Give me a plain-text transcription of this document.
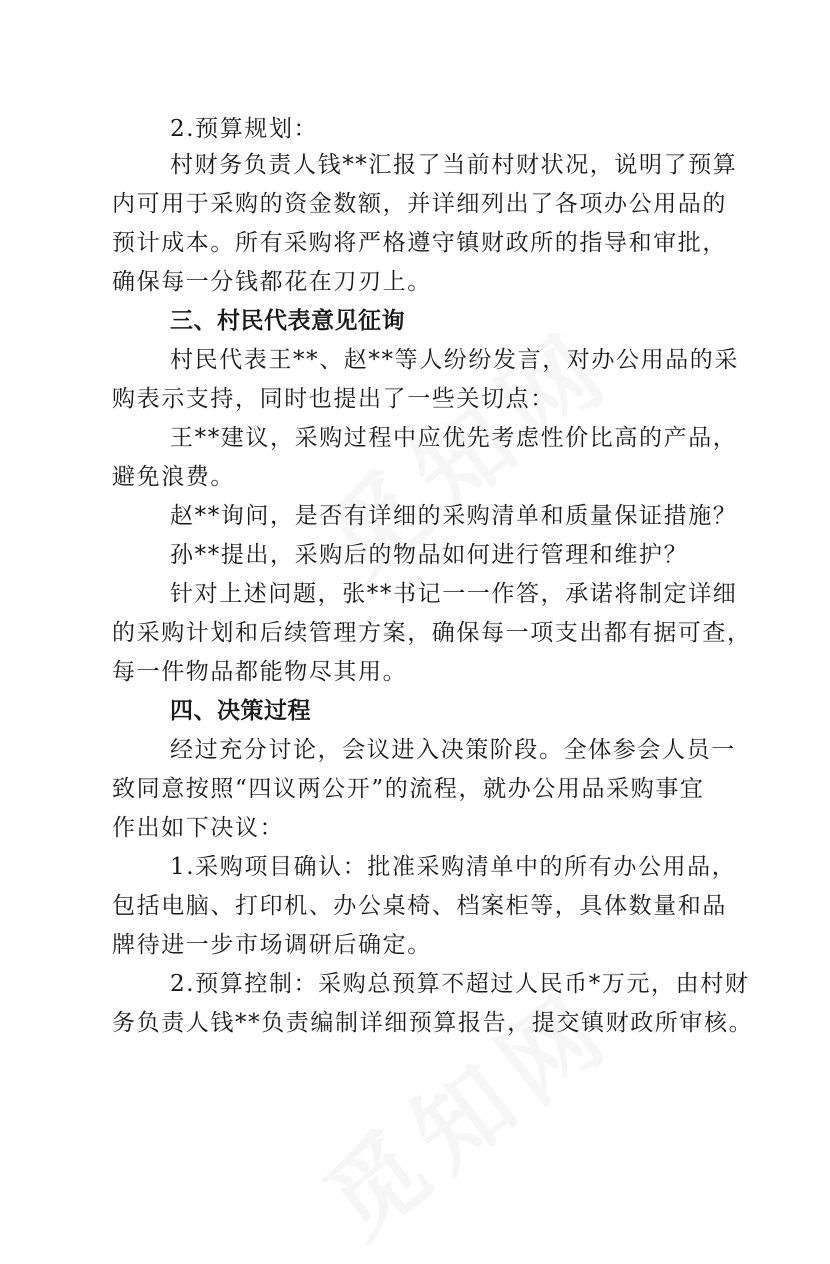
2.预算规划：
村财务负责人钱**汇报了当前村财状况，说明了预算
内可用于采购的资金数额，并详细列出了各项办公用品的
预计成本。所有采购将严格遵守镇财政所的指导和审批，
确保每一分钱都花在刀刃上。
三、村民代表意见征询
村民代表王**、赵**等人纷纷发言，对办公用品的采
购表示支持，同时也提出了一些关切点：
王**建议，采购过程中应优先考虑性价比高的产品，
避免浪费。
赵**询问，是否有详细的采购清单和质量保证措施？
孙**提出，采购后的物品如何进行管理和维护？
针对上述问题，张**书记一一作答，承诺将制定详细
的采购计划和后续管理方案，确保每一项支出都有据可查，
每一件物品都能物尽其用。
四、决策过程
经过充分讨论，会议进入决策阶段。全体参会人员一
致同意按照“四议两公开”的流程，就办公用品采购事宜
作出如下决议：
1.采购项目确认：批准采购清单中的所有办公用品，
包括电脑、打印机、办公桌椅、档案柜等，具体数量和品
牌待进一步市场调研后确定。
2.预算控制：采购总预算不超过人民币*万元，由村财
务负责人钱**负责编制详细预算报告，提交镇财政所审核。
